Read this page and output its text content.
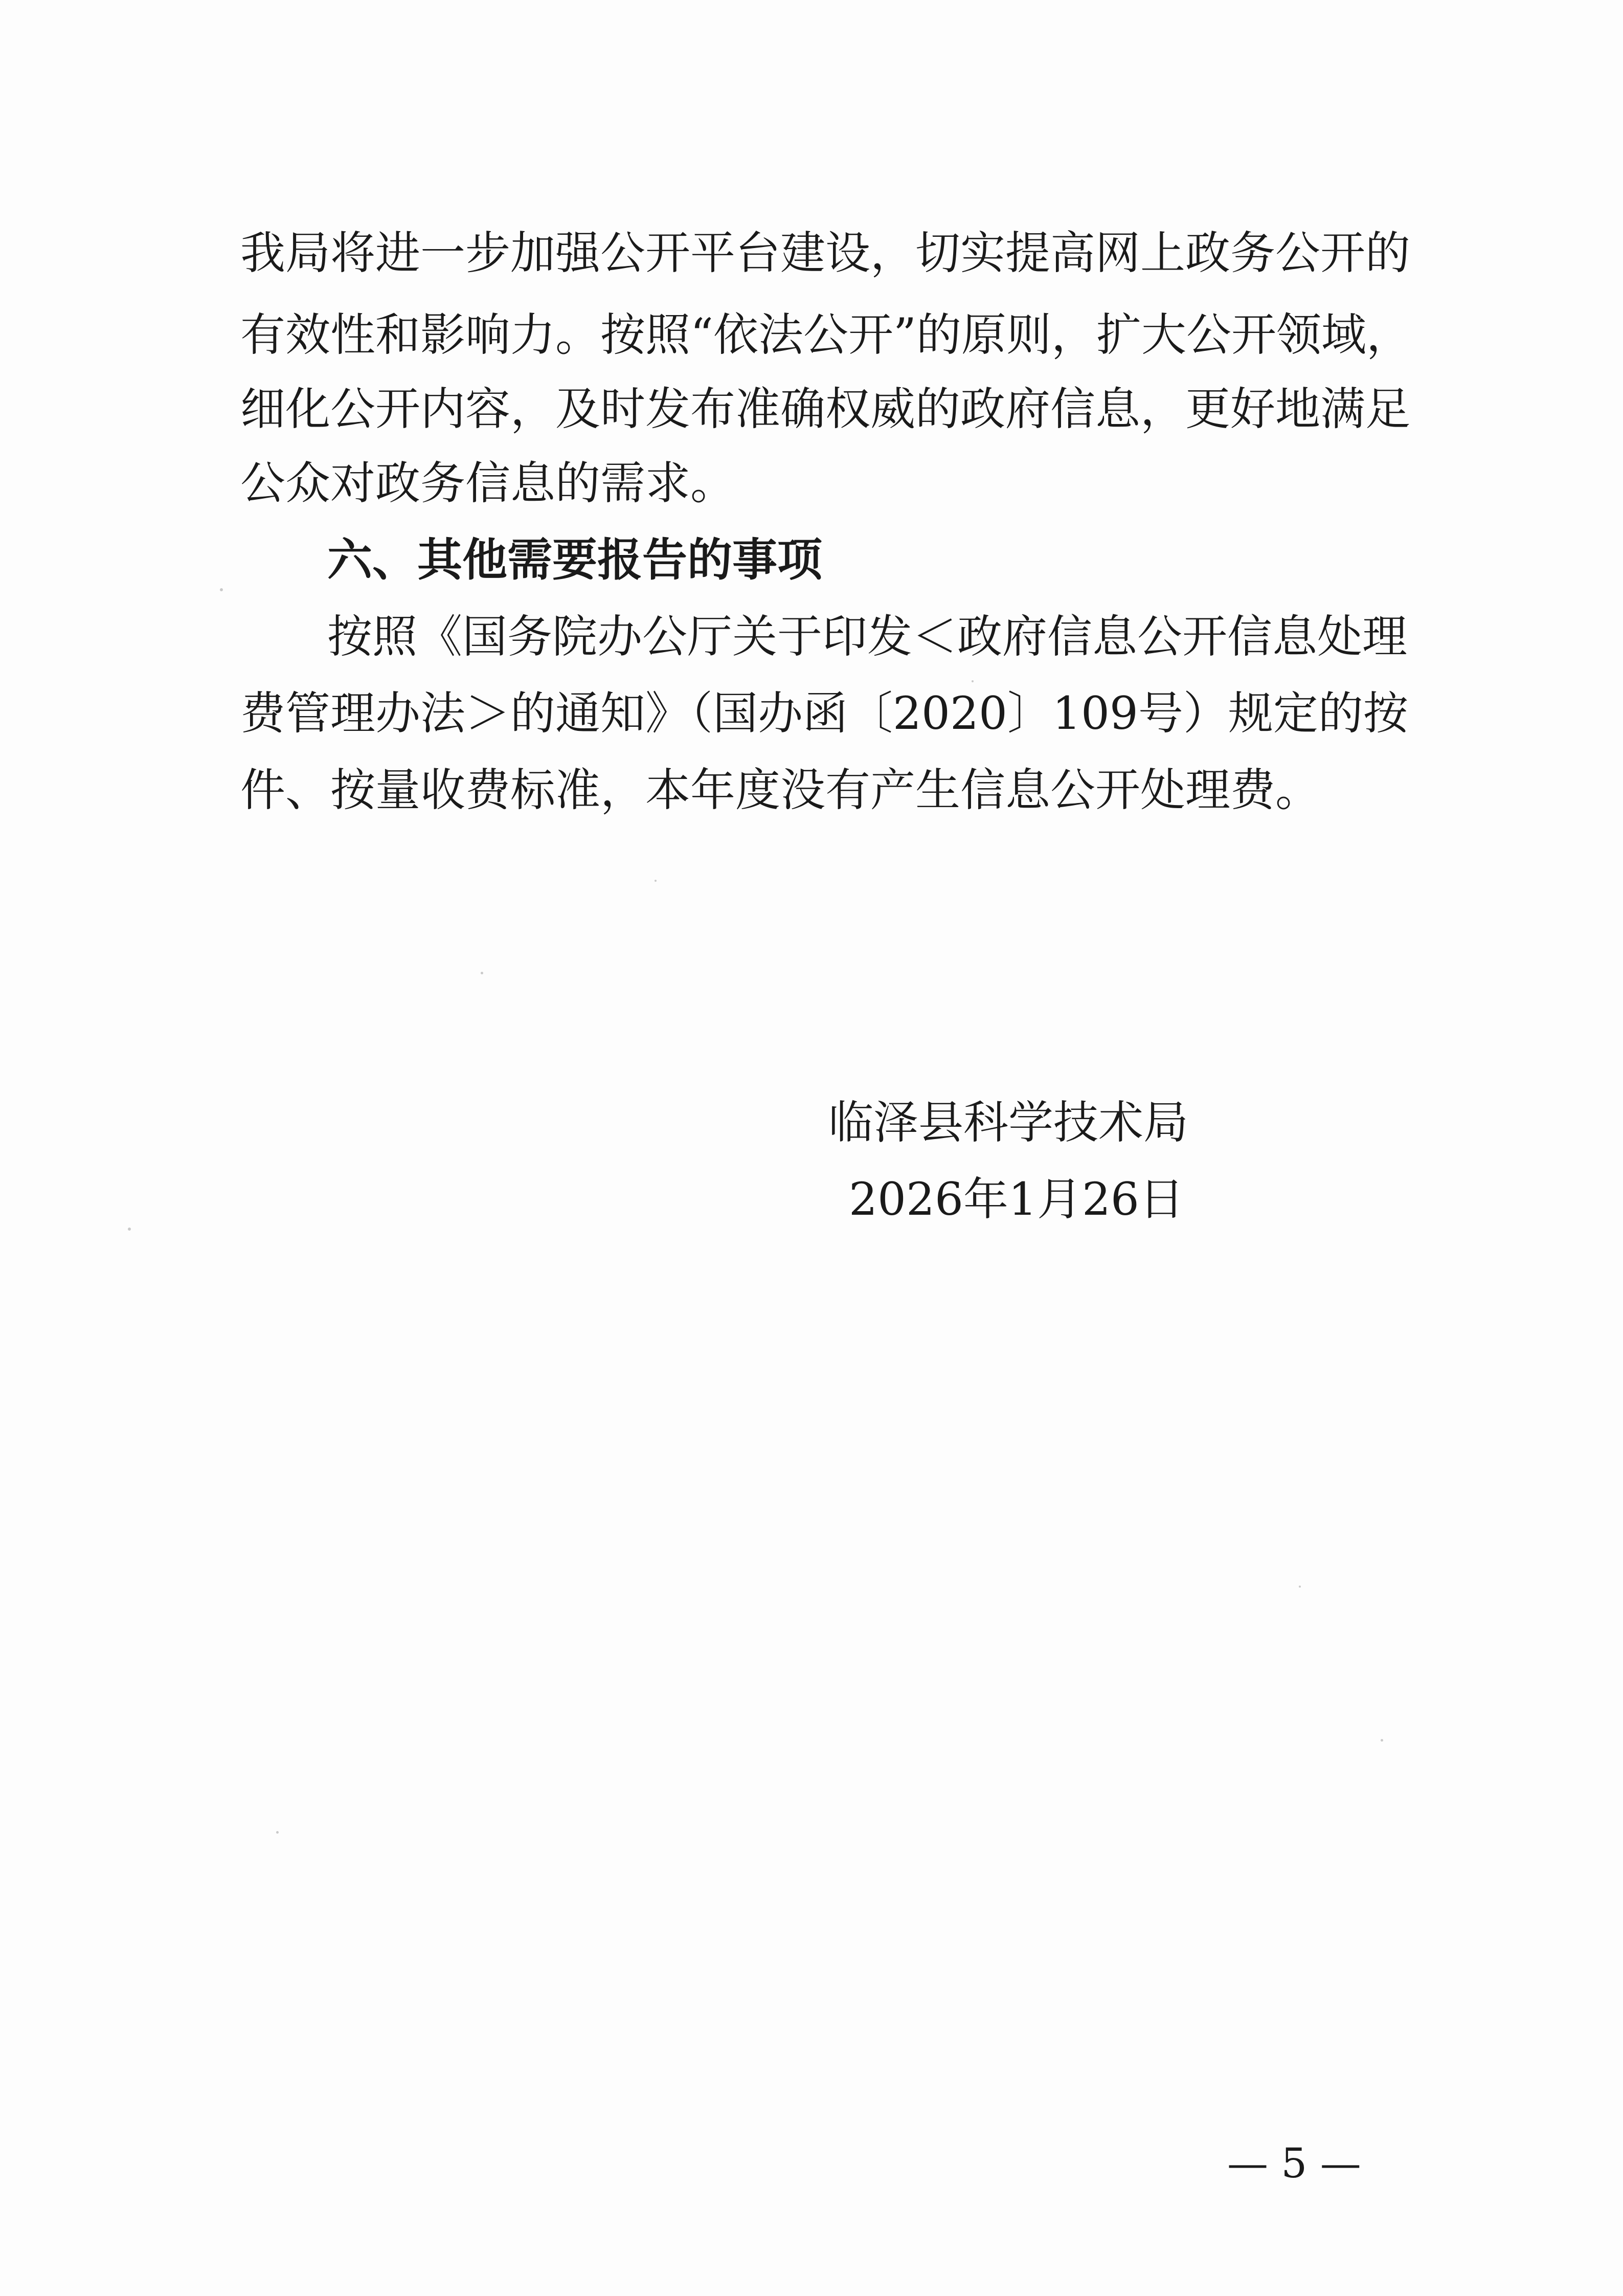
我局将进一步加强公开平台建设，切实提高网上政务公开的
有效性和影响力。按照“依法公开”的原则，扩大公开领域，
细化公开内容，及时发布准确权威的政府信息，更好地满足
公众对政务信息的需求。
六、其他需要报告的事项
按照《国务院办公厅关于印发＜政府信息公开信息处理
费管理办法＞的通知》（国办函〔2020〕109号）规定的按
件、按量收费标准，本年度没有产生信息公开处理费。
临泽县科学技术局
2026年1月26日
— 5 —
